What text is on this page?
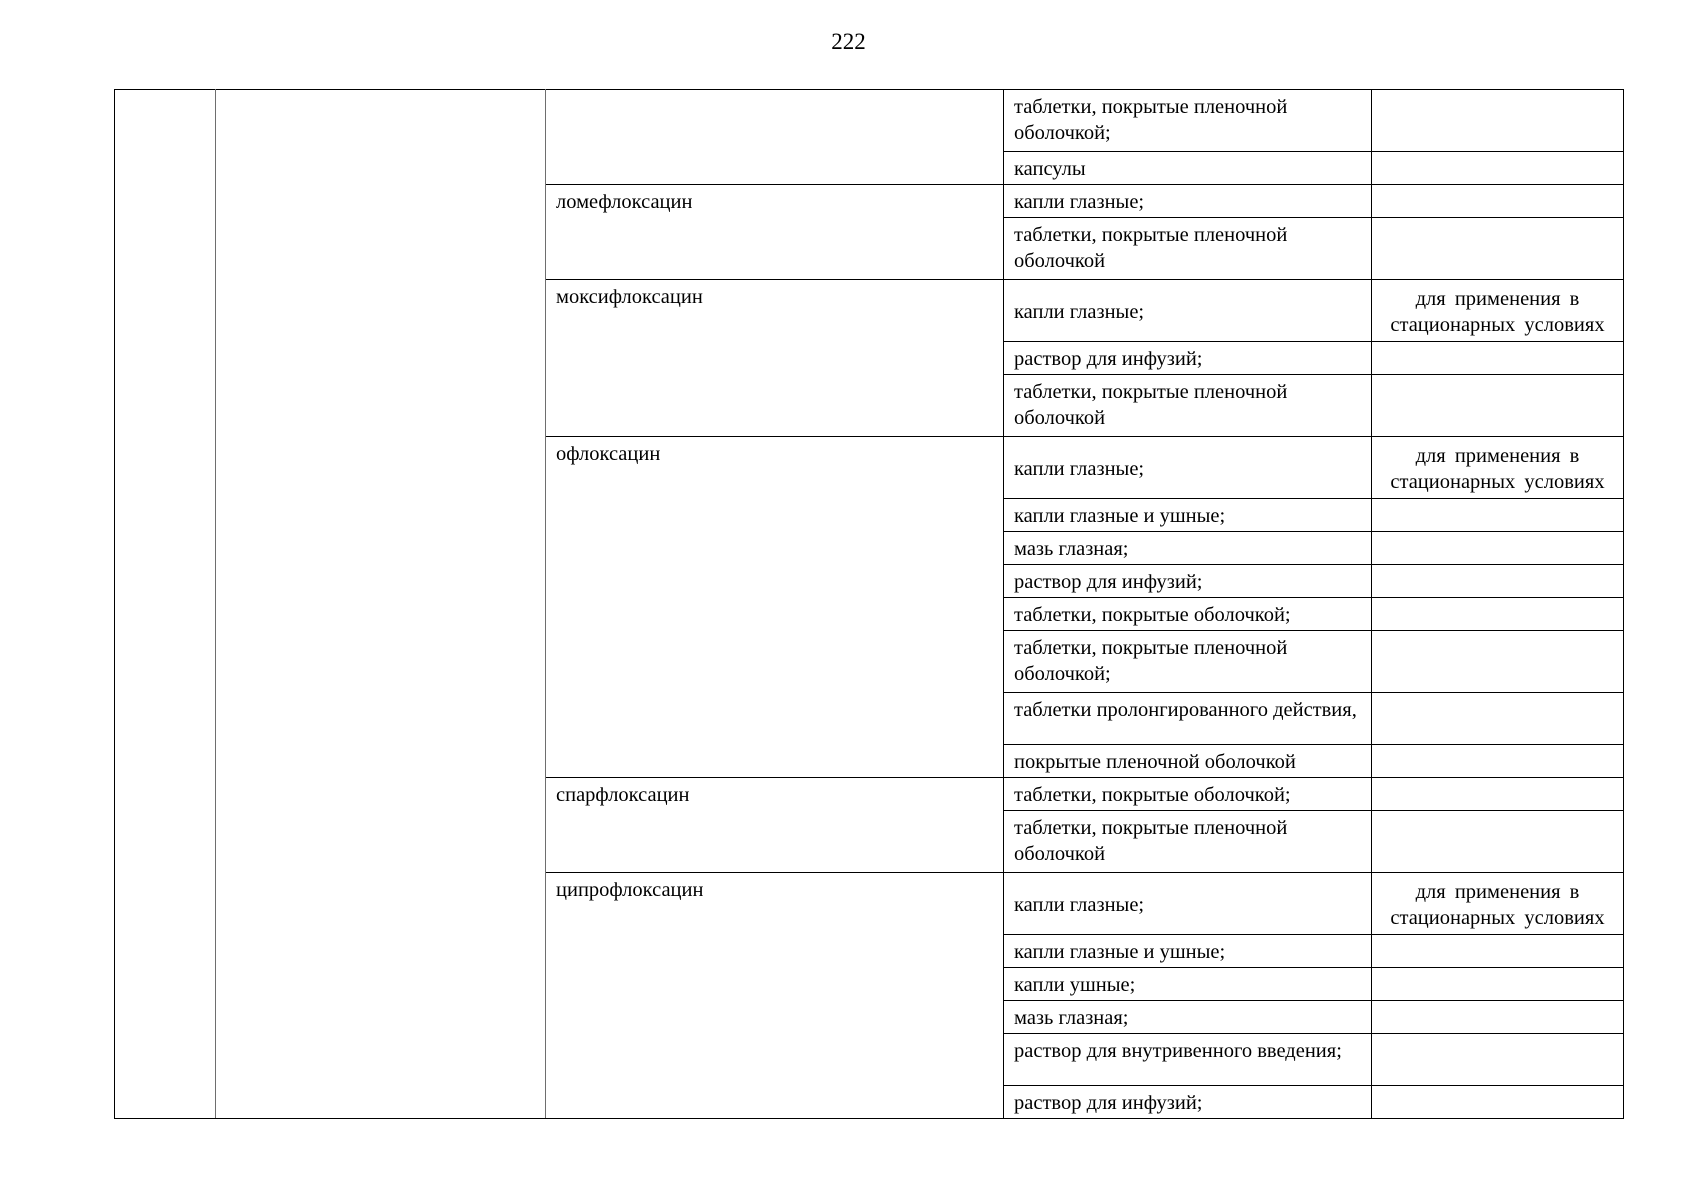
222
			таблетки, покрытые пленочной оболочкой;	
			капсулы	
		ломефлоксацин	капли глазные;	
			таблетки, покрытые пленочной оболочкой	
		моксифлоксацин	капли глазные;	для применения в стационарных условиях
			раствор для инфузий;	
			таблетки, покрытые пленочной оболочкой	
		офлоксацин	капли глазные;	для применения в стационарных условиях
			капли глазные и ушные;	
			мазь глазная;	
			раствор для инфузий;	
			таблетки, покрытые оболочкой;	
			таблетки, покрытые пленочной оболочкой;	
			таблетки пролонгированного действия,	
			покрытые пленочной оболочкой	
		спарфлоксацин	таблетки, покрытые оболочкой;	
			таблетки, покрытые пленочной оболочкой	
		ципрофлоксацин	капли глазные;	для применения в стационарных условиях
			капли глазные и ушные;	
			капли ушные;	
			мазь глазная;	
			раствор для внутривенного введения;	
			раствор для инфузий;	
